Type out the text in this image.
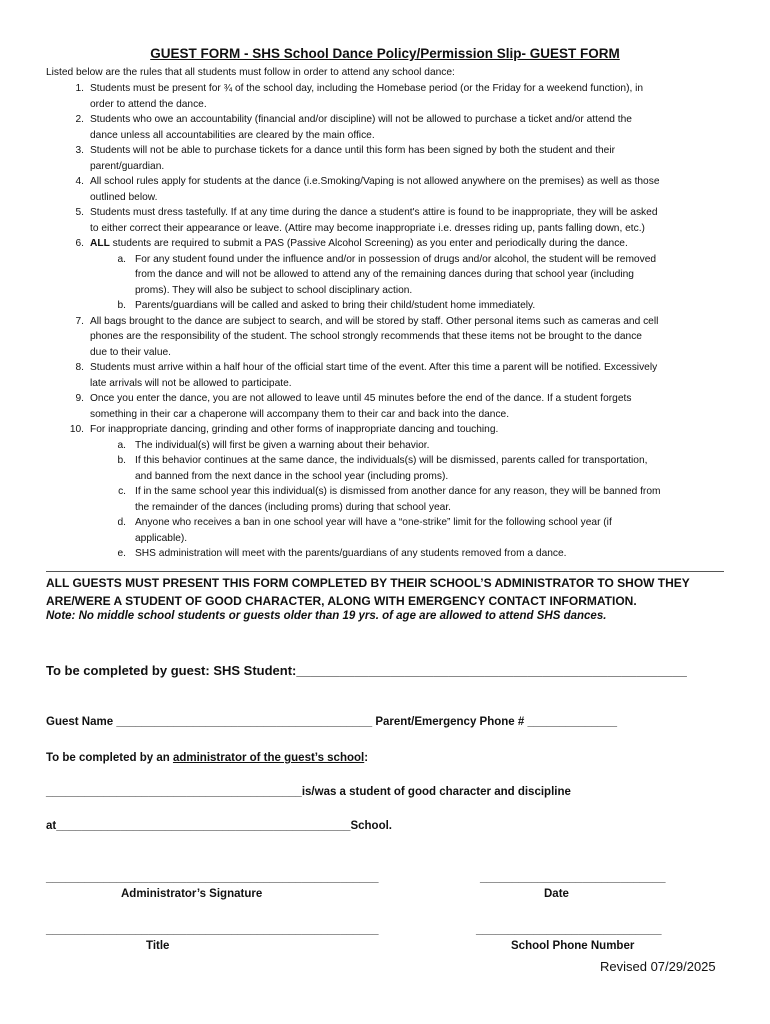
GUEST FORM - SHS School Dance Policy/Permission Slip- GUEST FORM
Listed below are the rules that all students must follow in order to attend any school dance:
1. Students must be present for ¾ of the school day, including the Homebase period (or the Friday for a weekend function), in
order to attend the dance.
2. Students who owe an accountability (financial and/or discipline) will not be allowed to purchase a ticket and/or attend the
dance unless all accountabilities are cleared by the main office.
3. Students will not be able to purchase tickets for a dance until this form has been signed by both the student and their
parent/guardian.
4. All school rules apply for students at the dance (i.e.Smoking/Vaping is not allowed anywhere on the premises) as well as those
outlined below.
5. Students must dress tastefully. If at any time during the dance a student's attire is found to be inappropriate, they will be asked
to either correct their appearance or leave. (Attire may become inappropriate i.e. dresses riding up, pants falling down, etc.)
6. ALL students are required to submit a PAS (Passive Alcohol Screening) as you enter and periodically during the dance.
a. For any student found under the influence and/or in possession of drugs and/or alcohol, the student will be removed
from the dance and will not be allowed to attend any of the remaining dances during that school year (including
proms). They will also be subject to school disciplinary action.
b. Parents/guardians will be called and asked to bring their child/student home immediately.
7. All bags brought to the dance are subject to search, and will be stored by staff. Other personal items such as cameras and cell
phones are the responsibility of the student. The school strongly recommends that these items not be brought to the dance
due to their value.
8. Students must arrive within a half hour of the official start time of the event. After this time a parent will be notified. Excessively
late arrivals will not be allowed to participate.
9. Once you enter the dance, you are not allowed to leave until 45 minutes before the end of the dance. If a student forgets
something in their car a chaperone will accompany them to their car and back into the dance.
10. For inappropriate dancing, grinding and other forms of inappropriate dancing and touching.
a. The individual(s) will first be given a warning about their behavior.
b. If this behavior continues at the same dance, the individuals(s) will be dismissed, parents called for transportation,
and banned from the next dance in the school year (including proms).
c. If in the same school year this individual(s) is dismissed from another dance for any reason, they will be banned from
the remainder of the dances (including proms) during that school year.
d. Anyone who receives a ban in one school year will have a “one-strike” limit for the following school year (if
applicable).
e. SHS administration will meet with the parents/guardians of any students removed from a dance.
ALL GUESTS MUST PRESENT THIS FORM COMPLETED BY THEIR SCHOOL’S ADMINISTRATOR TO SHOW THEY
ARE/WERE A STUDENT OF GOOD CHARACTER, ALONG WITH EMERGENCY CONTACT INFORMATION.
Note: No middle school students or guests older than 19 yrs. of age are allowed to attend SHS dances.
To be completed by guest: SHS Student:______________________________________________________
Guest Name ________________________________________ Parent/Emergency Phone # ______________
To be completed by an administrator of the guest’s school:
________________________________________is/was a student of good character and discipline
at______________________________________________School.
____________________________________________________	_____________________________
Administrator’s Signature	Date
____________________________________________________	_____________________________
Title	School Phone Number
Revised 07/29/2025
